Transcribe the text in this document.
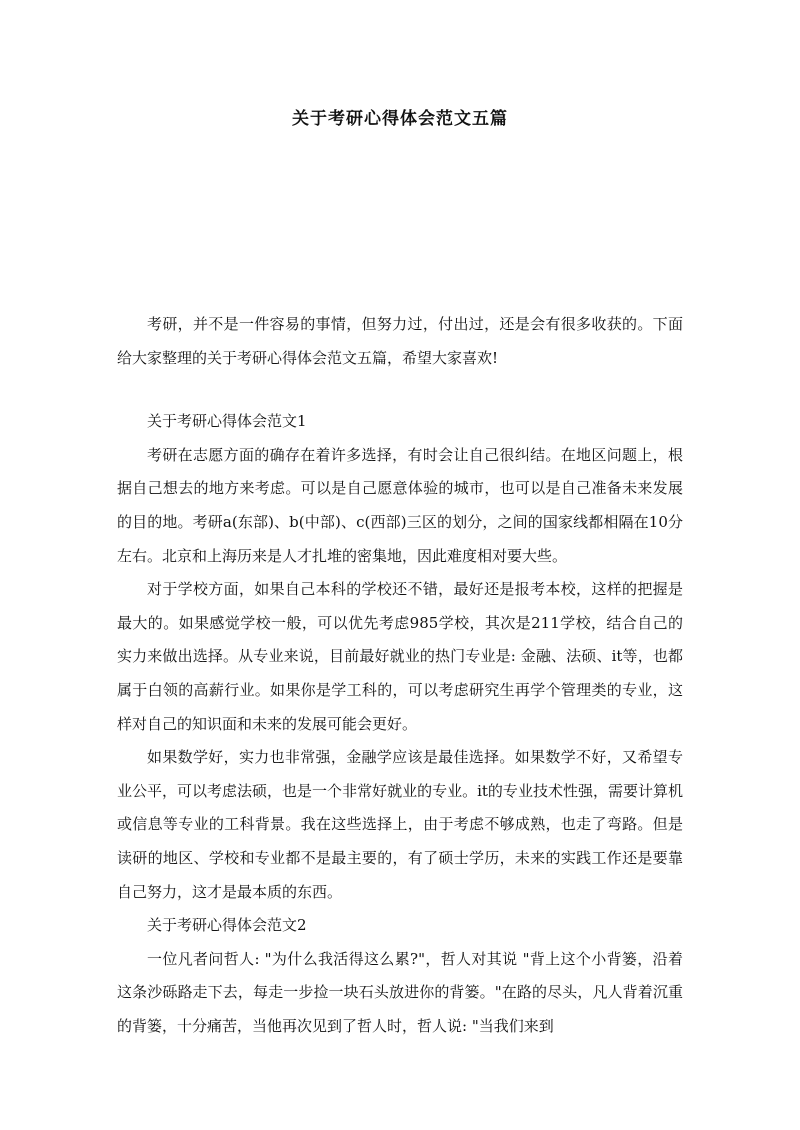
关于考研心得体会范文五篇

考研，并不是一件容易的事情，但努力过，付出过，还是会有很多收获的。下面给大家整理的关于考研心得体会范文五篇，希望大家喜欢!

关于考研心得体会范文1

考研在志愿方面的确存在着许多选择，有时会让自己很纠结。在地区问题上，根据自己想去的地方来考虑。可以是自己愿意体验的城市，也可以是自己准备未来发展的目的地。考研a(东部)、b(中部)、c(西部)三区的划分，之间的国家线都相隔在10分左右。北京和上海历来是人才扎堆的密集地，因此难度相对要大些。

对于学校方面，如果自己本科的学校还不错，最好还是报考本校，这样的把握是最大的。如果感觉学校一般，可以优先考虑985学校，其次是211学校，结合自己的实力来做出选择。从专业来说，目前最好就业的热门专业是: 金融、法硕、it等，也都属于白领的高薪行业。如果你是学工科的，可以考虑研究生再学个管理类的专业，这样对自己的知识面和未来的发展可能会更好。

如果数学好，实力也非常强，金融学应该是最佳选择。如果数学不好，又希望专业公平，可以考虑法硕，也是一个非常好就业的专业。it的专业技术性强，需要计算机或信息等专业的工科背景。我在这些选择上，由于考虑不够成熟，也走了弯路。但是读研的地区、学校和专业都不是最主要的，有了硕士学历，未来的实践工作还是要靠自己努力，这才是最本质的东西。

关于考研心得体会范文2

一位凡者问哲人: "为什么我活得这么累?"，哲人对其说 "背上这个小背篓，沿着这条沙砾路走下去，每走一步捡一块石头放进你的背篓。"在路的尽头，凡人背着沉重的背篓，十分痛苦，当他再次见到了哲人时，哲人说: "当我们来到
